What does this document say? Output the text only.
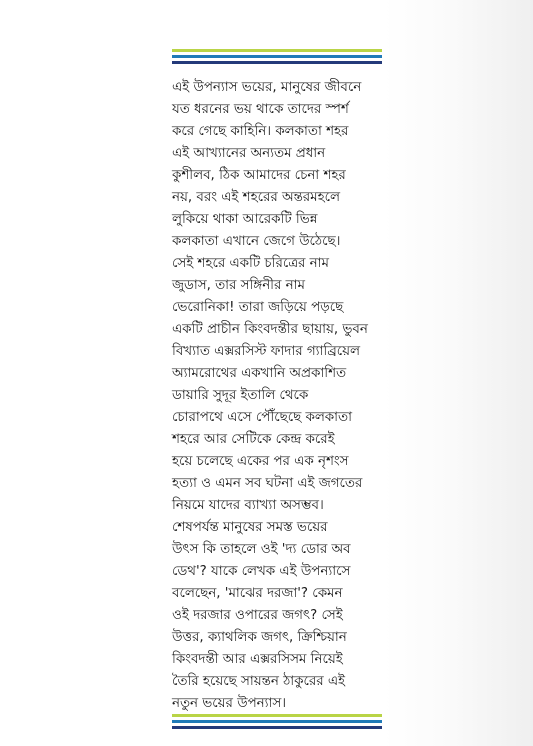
এই উপন্যাস ভয়ের, মানুষের জীবনে
যত ধরনের ভয় থাকে তাদের স্পর্শ
করে গেছে কাহিনি। কলকাতা শহর
এই আখ্যানের অন্যতম প্রধান
কুশীলব, ঠিক আমাদের চেনা শহর
নয়, বরং এই শহরের অন্তরমহলে
লুকিয়ে থাকা আরেকটি ভিন্ন
কলকাতা এখানে জেগে উঠেছে।
সেই শহরে একটি চরিত্রের নাম
জুডাস, তার সঙ্গিনীর নাম
ভেরোনিকা! তারা জড়িয়ে পড়ছে
একটি প্রাচীন কিংবদন্তীর ছায়ায়, ভুবন
বিখ্যাত এক্সরসিস্ট ফাদার গ্যাব্রিয়েল
অ্যামরোথের একখানি অপ্রকাশিত
ডায়ারি সুদূর ইতালি থেকে
চোরাপথে এসে পৌঁছেছে কলকাতা
শহরে আর সেটিকে কেন্দ্র করেই
হয়ে চলেছে একের পর এক নৃশংস
হত্যা ও এমন সব ঘটনা এই জগতের
নিয়মে যাদের ব্যাখ্যা অসম্ভব।
শেষপর্যন্ত মানুষের সমস্ত ভয়ের
উৎস কি তাহলে ওই 'দ্য ডোর অব
ডেথ'? যাকে লেখক এই উপন্যাসে
বলেছেন, 'মাঝের দরজা'? কেমন
ওই দরজার ওপারের জগৎ? সেই
উত্তর, ক্যাথলিক জগৎ, ক্রিশ্চিয়ান
কিংবদন্তী আর এক্সরসিসম নিয়েই
তৈরি হয়েছে সায়ন্তন ঠাকুরের এই
নতুন ভয়ের উপন্যাস।
